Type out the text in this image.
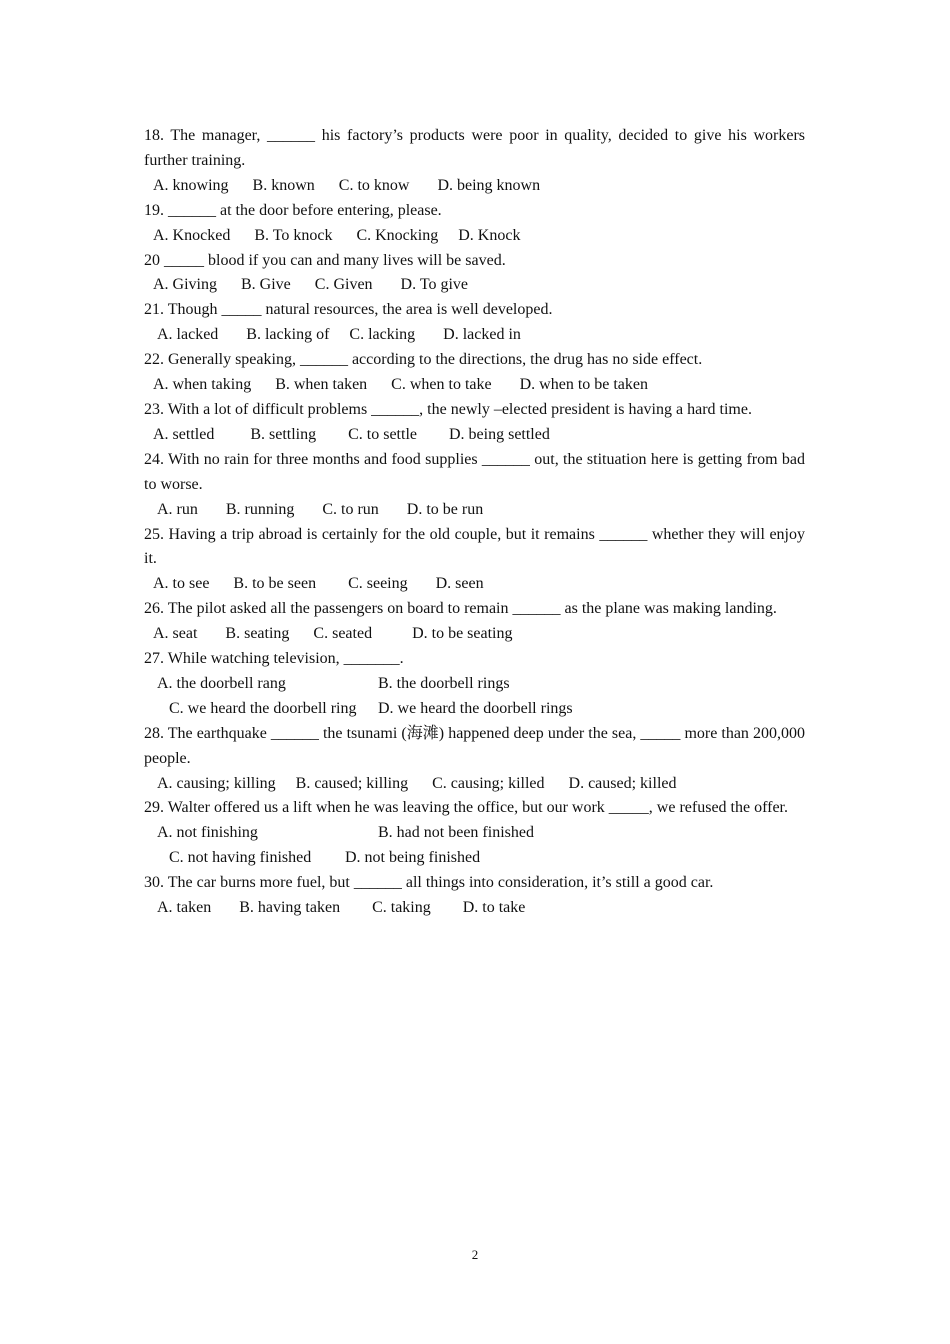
18. The manager, ______ his factory’s products were poor in quality, decided to give his workers further training.

A. knowing      B. known      C. to know       D. being known

19. ______ at the door before entering, please.

A. Knocked      B. To knock      C. Knocking     D. Knock

20 _____ blood if you can and many lives will be saved.

A. Giving      B. Give      C. Given       D. To give

21. Though _____ natural resources, the area is well developed.

A. lacked       B. lacking of     C. lacking       D. lacked in

22. Generally speaking, ______ according to the directions, the drug has no side effect.

A. when taking      B. when taken      C. when to take       D. when to be taken

23. With a lot of difficult problems ______, the newly –elected president is having a hard time.

A. settled         B. settling        C. to settle        D. being settled

24. With no rain for three months and food supplies ______ out, the stituation here is getting from bad to worse.

A. run       B. running       C. to run       D. to be run

25. Having a trip abroad is certainly for the old couple, but it remains ______ whether they will enjoy it.

A. to see      B. to be seen        C. seeing       D. seen

26. The pilot asked all the passengers on board to remain ______ as the plane was making landing.

A. seat       B. seating      C. seated          D. to be seating

27. While watching television, _______.

A. the doorbell rang	B. the doorbell rings
C. we heard the doorbell ring	D. we heard the doorbell rings

28. The earthquake ______ the tsunami (海滩) happened deep under the sea, _____ more than 200,000 people.

A. causing; killing     B. caused; killing      C. causing; killed      D. caused; killed

29. Walter offered us a lift when he was leaving the office, but our work _____, we refused the offer.

A. not finishing	B. had not been finished
C. not having finished	D. not being finished

30. The car burns more fuel, but ______ all things into consideration, it’s still a good car.

A. taken       B. having taken        C. taking        D. to take

2
